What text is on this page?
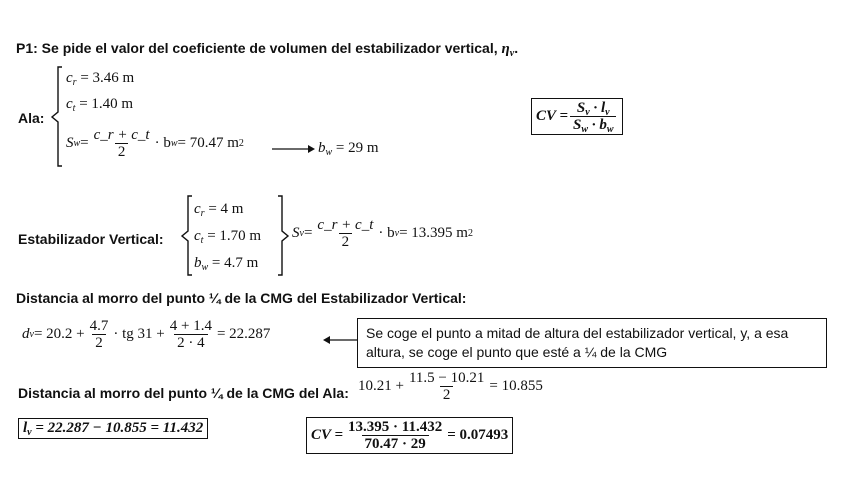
P1: Se pide el valor del coeficiente de volumen del estabilizador vertical, $\eta_v$.
Ala:
$c_r = 3.46$ m
$c_t = 1.40$ m
S $w = \frac{c\_r + c\_t}{2} \cdot b$ w = 70.47 m 2	$b_w = 29$ m
CV = $\frac{S_v \cdot l_v}{S_w \cdot b_w}$
Estabilizador Vertical:
$c_r = 4$ m
$c_t = 1.70$ m
$b_w = 4.7$ m
S $v = \frac{c\_r + c\_t}{2} \cdot b$ v = 13.395 m 2
Distancia al morro del punto ¼ de la CMG del Estabilizador Vertical:
d $v = 20.2 + \frac{4.7}{2}$ · tg $31 + \frac{4 + 1.4}{2 \cdot 4} = 22.287$	Se coge el punto a mitad de altura del estabilizador vertical, y, a esa altura, se coge el punto que esté a ¼ de la CMG
Distancia al morro del punto ¼ de la CMG del Ala: $10.21 + \frac{11.5 - 10.21}{2} = 10.855$
$l_v = 22.287 - 10.855 = 11.432$	CV = $\frac{13.395 \cdot 11.432}{70.47 \cdot 29} = 0.07493$
